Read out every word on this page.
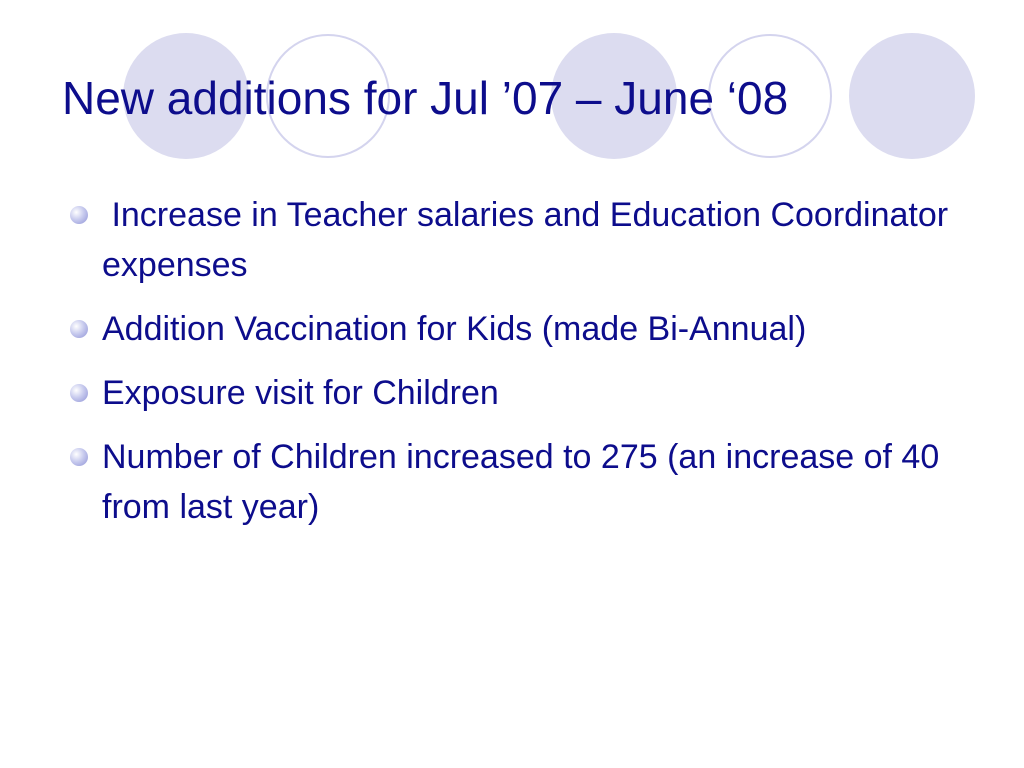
New additions for Jul ’07 – June ‘08
Increase in Teacher salaries and Education Coordinator expenses
Addition Vaccination for Kids (made Bi-Annual)
Exposure visit for Children
Number of Children increased to 275 (an increase of 40 from last year)
